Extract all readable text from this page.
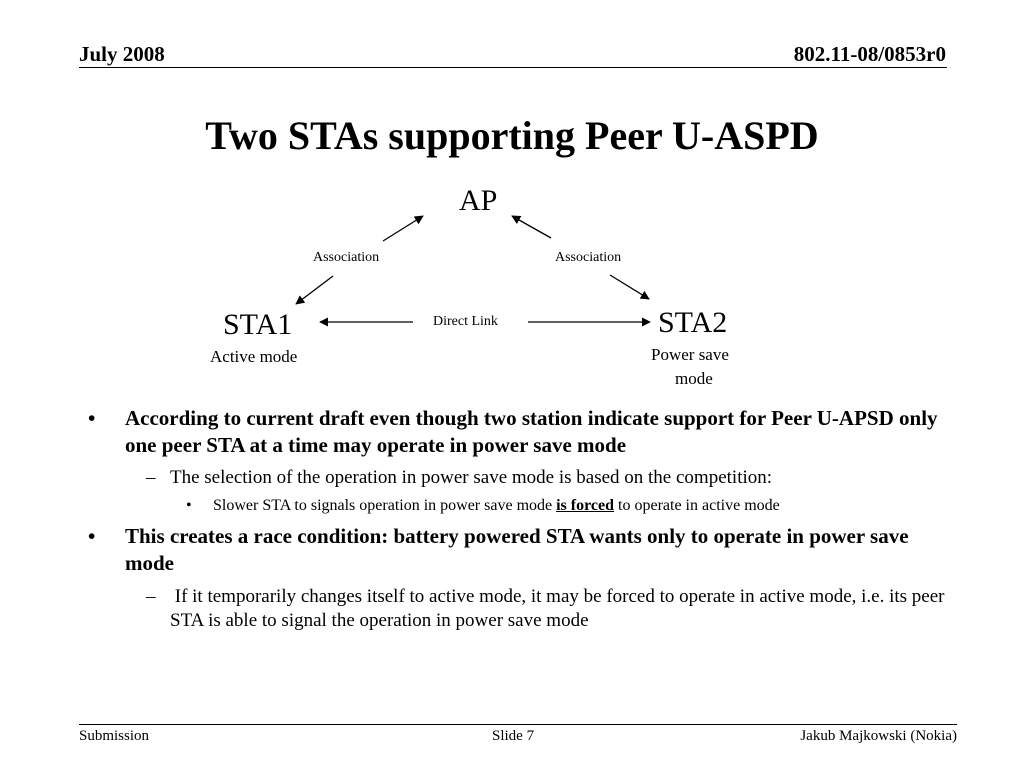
July 2008	802.11-08/0853r0
Two STAs supporting Peer U-ASPD
AP
Association	Association
STA1
Active mode
Direct Link	STA2
Power save
mode
• According to current draft even though two station indicate support for Peer U-APSD only one peer STA at a time may operate in power save mode
– The selection of the operation in power save mode is based on the competition:
• Slower STA to signals operation in power save mode is forced to operate in active mode
• This creates a race condition: battery powered STA wants only to operate in power save mode
– If it temporarily changes itself to active mode, it may be forced to operate in active mode, i.e. its peer STA is able to signal the operation in power save mode
Submission	Slide 7	Jakub Majkowski (Nokia)
